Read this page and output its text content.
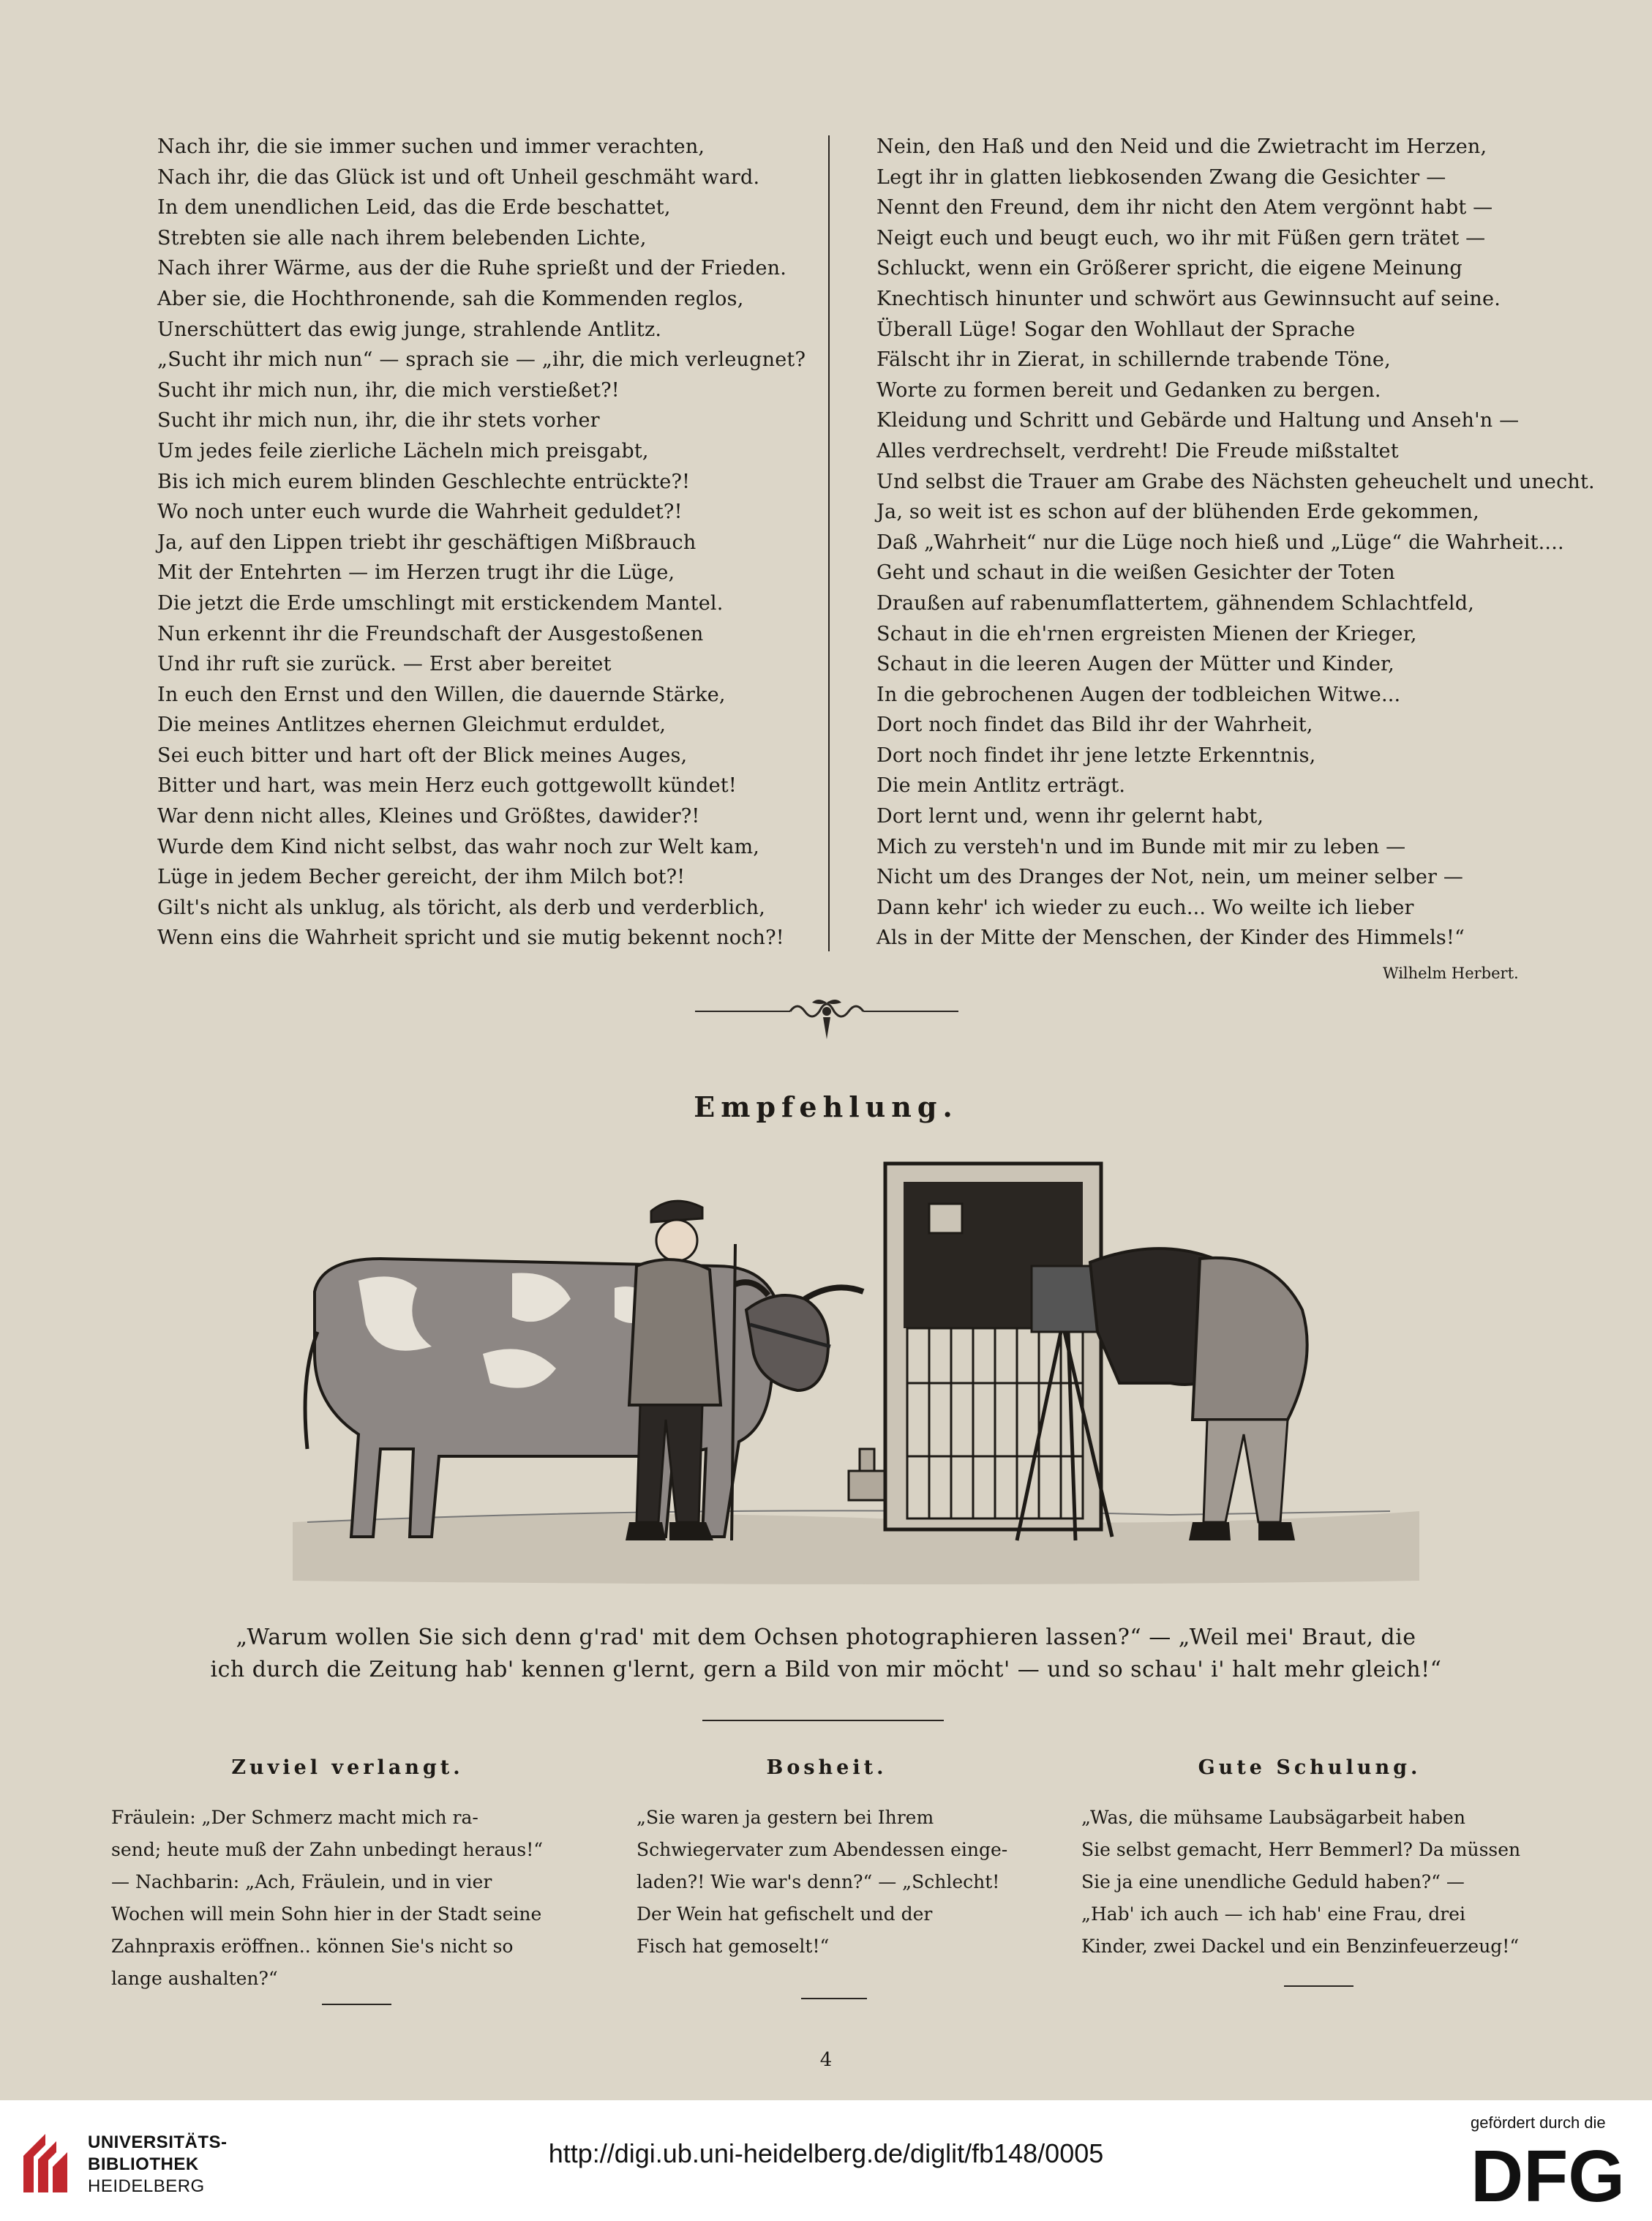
Nach ihr, die sie immer suchen und immer verachten,
Nach ihr, die das Glück ist und oft Unheil geschmäht ward.
In dem unendlichen Leid, das die Erde beschattet,
Strebten sie alle nach ihrem belebenden Lichte,
Nach ihrer Wärme, aus der die Ruhe sprießt und der Frieden.
Aber sie, die Hochthronende, sah die Kommenden reglos,
Unerschüttert das ewig junge, strahlende Antlitz.
„Sucht ihr mich nun“ — sprach sie — „ihr, die mich verleugnet?
Sucht ihr mich nun, ihr, die mich verstießet?!
Sucht ihr mich nun, ihr, die ihr stets vorher
Um jedes feile zierliche Lächeln mich preisgabt,
Bis ich mich eurem blinden Geschlechte entrückte?!
Wo noch unter euch wurde die Wahrheit geduldet?!
Ja, auf den Lippen triebt ihr geschäftigen Mißbrauch
Mit der Entehrten — im Herzen trugt ihr die Lüge,
Die jetzt die Erde umschlingt mit erstickendem Mantel.
Nun erkennt ihr die Freundschaft der Ausgestoßenen
Und ihr ruft sie zurück. — Erst aber bereitet
In euch den Ernst und den Willen, die dauernde Stärke,
Die meines Antlitzes ehernen Gleichmut erduldet,
Sei euch bitter und hart oft der Blick meines Auges,
Bitter und hart, was mein Herz euch gottgewollt kündet!
War denn nicht alles, Kleines und Größtes, dawider?!
Wurde dem Kind nicht selbst, das wahr noch zur Welt kam,
Lüge in jedem Becher gereicht, der ihm Milch bot?!
Gilt's nicht als unklug, als töricht, als derb und verderblich,
Wenn eins die Wahrheit spricht und sie mutig bekennt noch?!
Nein, den Haß und den Neid und die Zwietracht im Herzen,
Legt ihr in glatten liebkosenden Zwang die Gesichter —
Nennt den Freund, dem ihr nicht den Atem vergönnt habt —
Neigt euch und beugt euch, wo ihr mit Füßen gern trätet —
Schluckt, wenn ein Größerer spricht, die eigene Meinung
Knechtisch hinunter und schwört aus Gewinnsucht auf seine.
Überall Lüge! Sogar den Wohllaut der Sprache
Fälscht ihr in Zierat, in schillernde trabende Töne,
Worte zu formen bereit und Gedanken zu bergen.
Kleidung und Schritt und Gebärde und Haltung und Anseh'n —
Alles verdrechselt, verdreht! Die Freude mißstaltet
Und selbst die Trauer am Grabe des Nächsten geheuchelt und unecht.
Ja, so weit ist es schon auf der blühenden Erde gekommen,
Daß „Wahrheit“ nur die Lüge noch hieß und „Lüge“ die Wahrheit....
Geht und schaut in die weißen Gesichter der Toten
Draußen auf rabenumflattertem, gähnendem Schlachtfeld,
Schaut in die eh'rnen ergreisten Mienen der Krieger,
Schaut in die leeren Augen der Mütter und Kinder,
In die gebrochenen Augen der todbleichen Witwe...
Dort noch findet das Bild ihr der Wahrheit,
Dort noch findet ihr jene letzte Erkenntnis,
Die mein Antlitz erträgt.
Dort lernt und, wenn ihr gelernt habt,
Mich zu versteh'n und im Bunde mit mir zu leben —
Nicht um des Dranges der Not, nein, um meiner selber —
Dann kehr' ich wieder zu euch... Wo weilte ich lieber
Als in der Mitte der Menschen, der Kinder des Himmels!“
Wilhelm Herbert.
Empfehlung.
„Warum wollen Sie sich denn g'rad' mit dem Ochsen photographieren lassen?“ — „Weil mei' Braut, die
ich durch die Zeitung hab' kennen g'lernt, gern a Bild von mir möcht' — und so schau' i' halt mehr gleich!“
Zuviel verlangt.	Bosheit.	Gute Schulung.
Fräulein: „Der Schmerz macht mich ra-
send; heute muß der Zahn unbedingt heraus!“
— Nachbarin: „Ach, Fräulein, und in vier
Wochen will mein Sohn hier in der Stadt seine
Zahnpraxis eröffnen.. können Sie's nicht so
lange aushalten?“
„Sie waren ja gestern bei Ihrem
Schwiegervater zum Abendessen einge-
laden?! Wie war's denn?“ — „Schlecht!
Der Wein hat gefischelt und der
Fisch hat gemoselt!“
„Was, die mühsame Laubsägarbeit haben
Sie selbst gemacht, Herr Bemmerl? Da müssen
Sie ja eine unendliche Geduld haben?“ —
„Hab' ich auch — ich hab' eine Frau, drei
Kinder, zwei Dackel und ein Benzinfeuerzeug!“
4
UNIVERSITÄTS-
BIBLIOTHEK
HEIDELBERG
http://digi.ub.uni-heidelberg.de/diglit/fb148/0005
gefördert durch die
DFG
